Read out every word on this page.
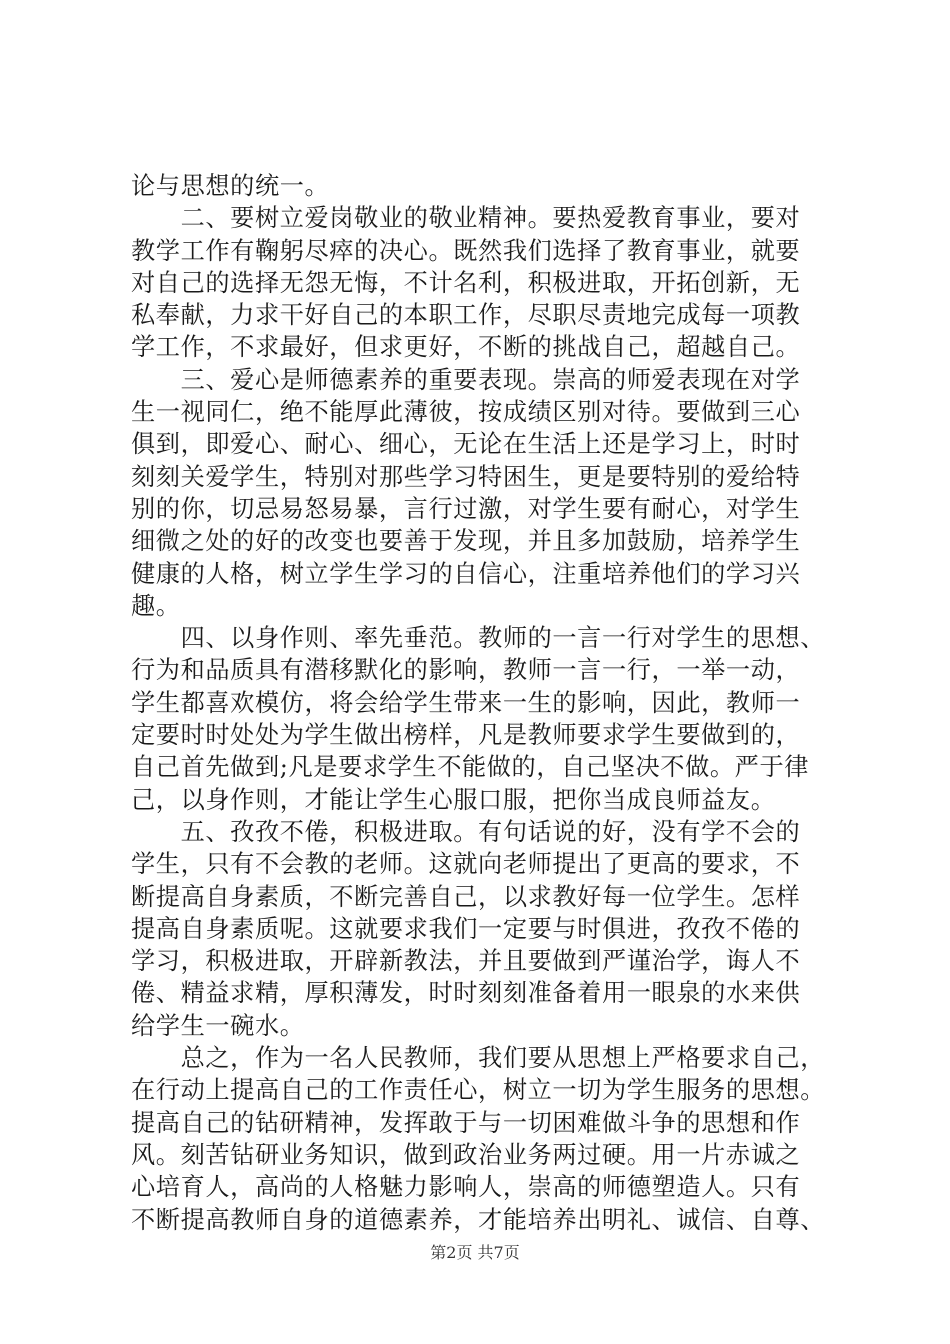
论与思想的统一。
　　二、要树立爱岗敬业的敬业精神。要热爱教育事业，要对
教学工作有鞠躬尽瘁的决心。既然我们选择了教育事业，就要
对自己的选择无怨无悔，不计名利，积极进取，开拓创新，无
私奉献，力求干好自己的本职工作，尽职尽责地完成每一项教
学工作，不求最好，但求更好，不断的挑战自己，超越自己。
　　三、爱心是师德素养的重要表现。崇高的师爱表现在对学
生一视同仁，绝不能厚此薄彼，按成绩区别对待。要做到三心
俱到，即爱心、耐心、细心，无论在生活上还是学习上，时时
刻刻关爱学生，特别对那些学习特困生，更是要特别的爱给特
别的你，切忌易怒易暴，言行过激，对学生要有耐心，对学生
细微之处的好的改变也要善于发现，并且多加鼓励，培养学生
健康的人格，树立学生学习的自信心，注重培养他们的学习兴
趣。
　　四、以身作则、率先垂范。教师的一言一行对学生的思想、
行为和品质具有潜移默化的影响，教师一言一行，一举一动，
学生都喜欢模仿，将会给学生带来一生的影响，因此，教师一
定要时时处处为学生做出榜样，凡是教师要求学生要做到的，
自己首先做到;凡是要求学生不能做的，自己坚决不做。严于律
己，以身作则，才能让学生心服口服，把你当成良师益友。
　　五、孜孜不倦，积极进取。有句话说的好，没有学不会的
学生，只有不会教的老师。这就向老师提出了更高的要求，不
断提高自身素质，不断完善自己，以求教好每一位学生。怎样
提高自身素质呢。这就要求我们一定要与时俱进，孜孜不倦的
学习，积极进取，开辟新教法，并且要做到严谨治学，诲人不
倦、精益求精，厚积薄发，时时刻刻准备着用一眼泉的水来供
给学生一碗水。
　　总之，作为一名人民教师，我们要从思想上严格要求自己，
在行动上提高自己的工作责任心，树立一切为学生服务的思想。
提高自己的钻研精神，发挥敢于与一切困难做斗争的思想和作
风。刻苦钻研业务知识，做到政治业务两过硬。用一片赤诚之
心培育人，高尚的人格魅力影响人，崇高的师德塑造人。只有
不断提高教师自身的道德素养，才能培养出明礼、诚信、自尊、
第2页 共7页
